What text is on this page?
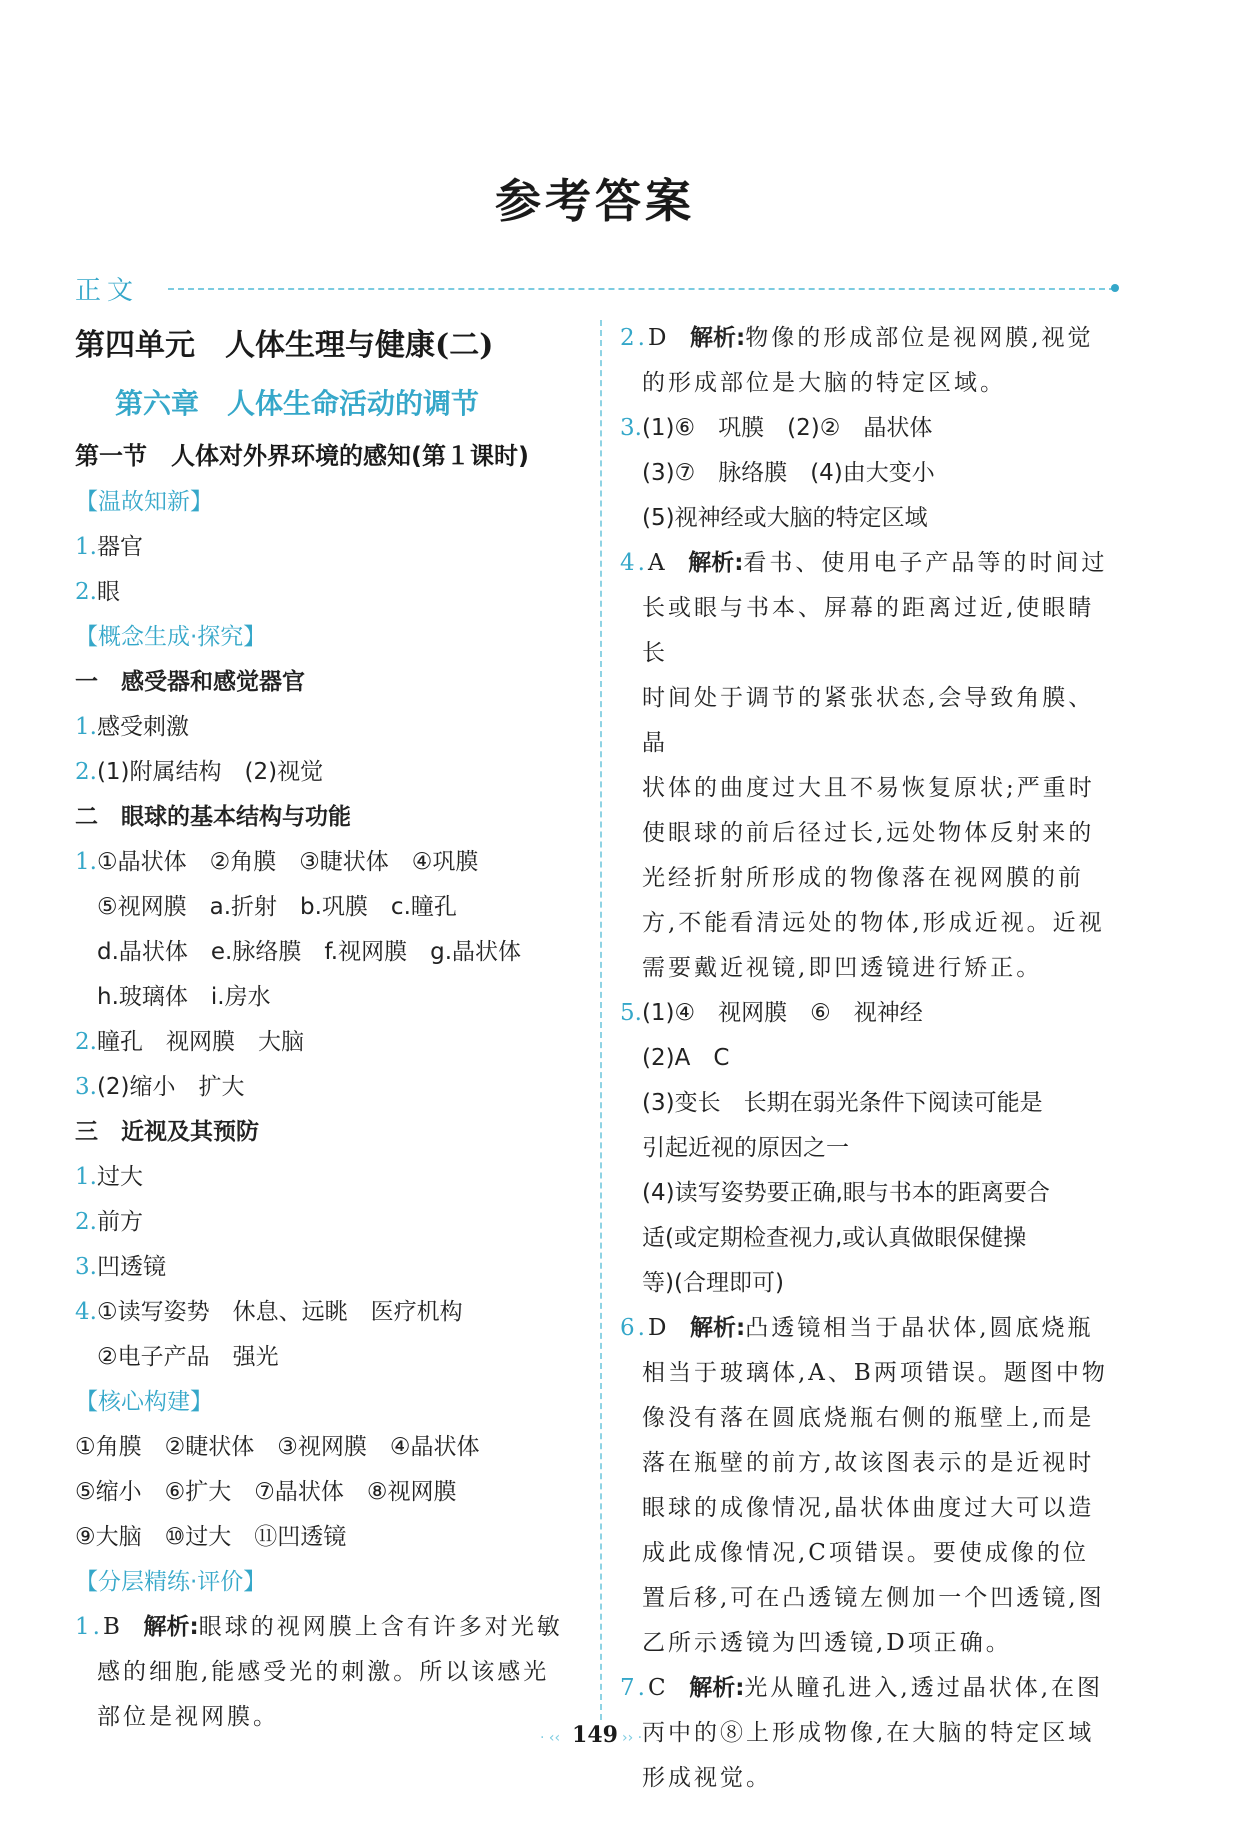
参考答案
正文
第四单元　人体生理与健康(二)
第六章　人体生命活动的调节
第一节　人体对外界环境的感知(第１课时)
【温故知新】
1.器官
2.眼
【概念生成·探究】
一　感受器和感觉器官
1.感受刺激
2.(1)附属结构　(2)视觉
二　眼球的基本结构与功能
1.①晶状体　②角膜　③睫状体　④巩膜
⑤视网膜　a.折射　b.巩膜　c.瞳孔
d.晶状体　e.脉络膜　f.视网膜　g.晶状体
h.玻璃体　i.房水
2.瞳孔　视网膜　大脑
3.(2)缩小　扩大
三　近视及其预防
1.过大
2.前方
3.凹透镜
4.①读写姿势　休息、远眺　医疗机构
②电子产品　强光
【核心构建】
①角膜　②睫状体　③视网膜　④晶状体
⑤缩小　⑥扩大　⑦晶状体　⑧视网膜
⑨大脑　⑩过大　⑪凹透镜
【分层精练·评价】
1.B 解析:眼球的视网膜上含有许多对光敏
感的细胞,能感受光的刺激。所以该感光
部位是视网膜。
2.D 解析:物像的形成部位是视网膜,视觉
的形成部位是大脑的特定区域。
3.(1)⑥　巩膜　(2)②　晶状体
(3)⑦　脉络膜　(4)由大变小
(5)视神经或大脑的特定区域
4.A 解析:看书、使用电子产品等的时间过
长或眼与书本、屏幕的距离过近,使眼睛长
时间处于调节的紧张状态,会导致角膜、晶
状体的曲度过大且不易恢复原状;严重时
使眼球的前后径过长,远处物体反射来的
光经折射所形成的物像落在视网膜的前
方,不能看清远处的物体,形成近视。近视
需要戴近视镜,即凹透镜进行矫正。
5.(1)④　视网膜　⑥　视神经
(2)A　C
(3)变长　长期在弱光条件下阅读可能是
引起近视的原因之一
(4)读写姿势要正确,眼与书本的距离要合
适(或定期检查视力,或认真做眼保健操
等)(合理即可)
6.D 解析:凸透镜相当于晶状体,圆底烧瓶
相当于玻璃体,A、B两项错误。题图中物
像没有落在圆底烧瓶右侧的瓶壁上,而是
落在瓶壁的前方,故该图表示的是近视时
眼球的成像情况,晶状体曲度过大可以造
成此成像情况,C项错误。要使成像的位
置后移,可在凸透镜左侧加一个凹透镜,图
乙所示透镜为凹透镜,D项正确。
7.C 解析:光从瞳孔进入,透过晶状体,在图
丙中的⑧上形成物像,在大脑的特定区域
形成视觉。
· ‹‹ 149 ›› ·
